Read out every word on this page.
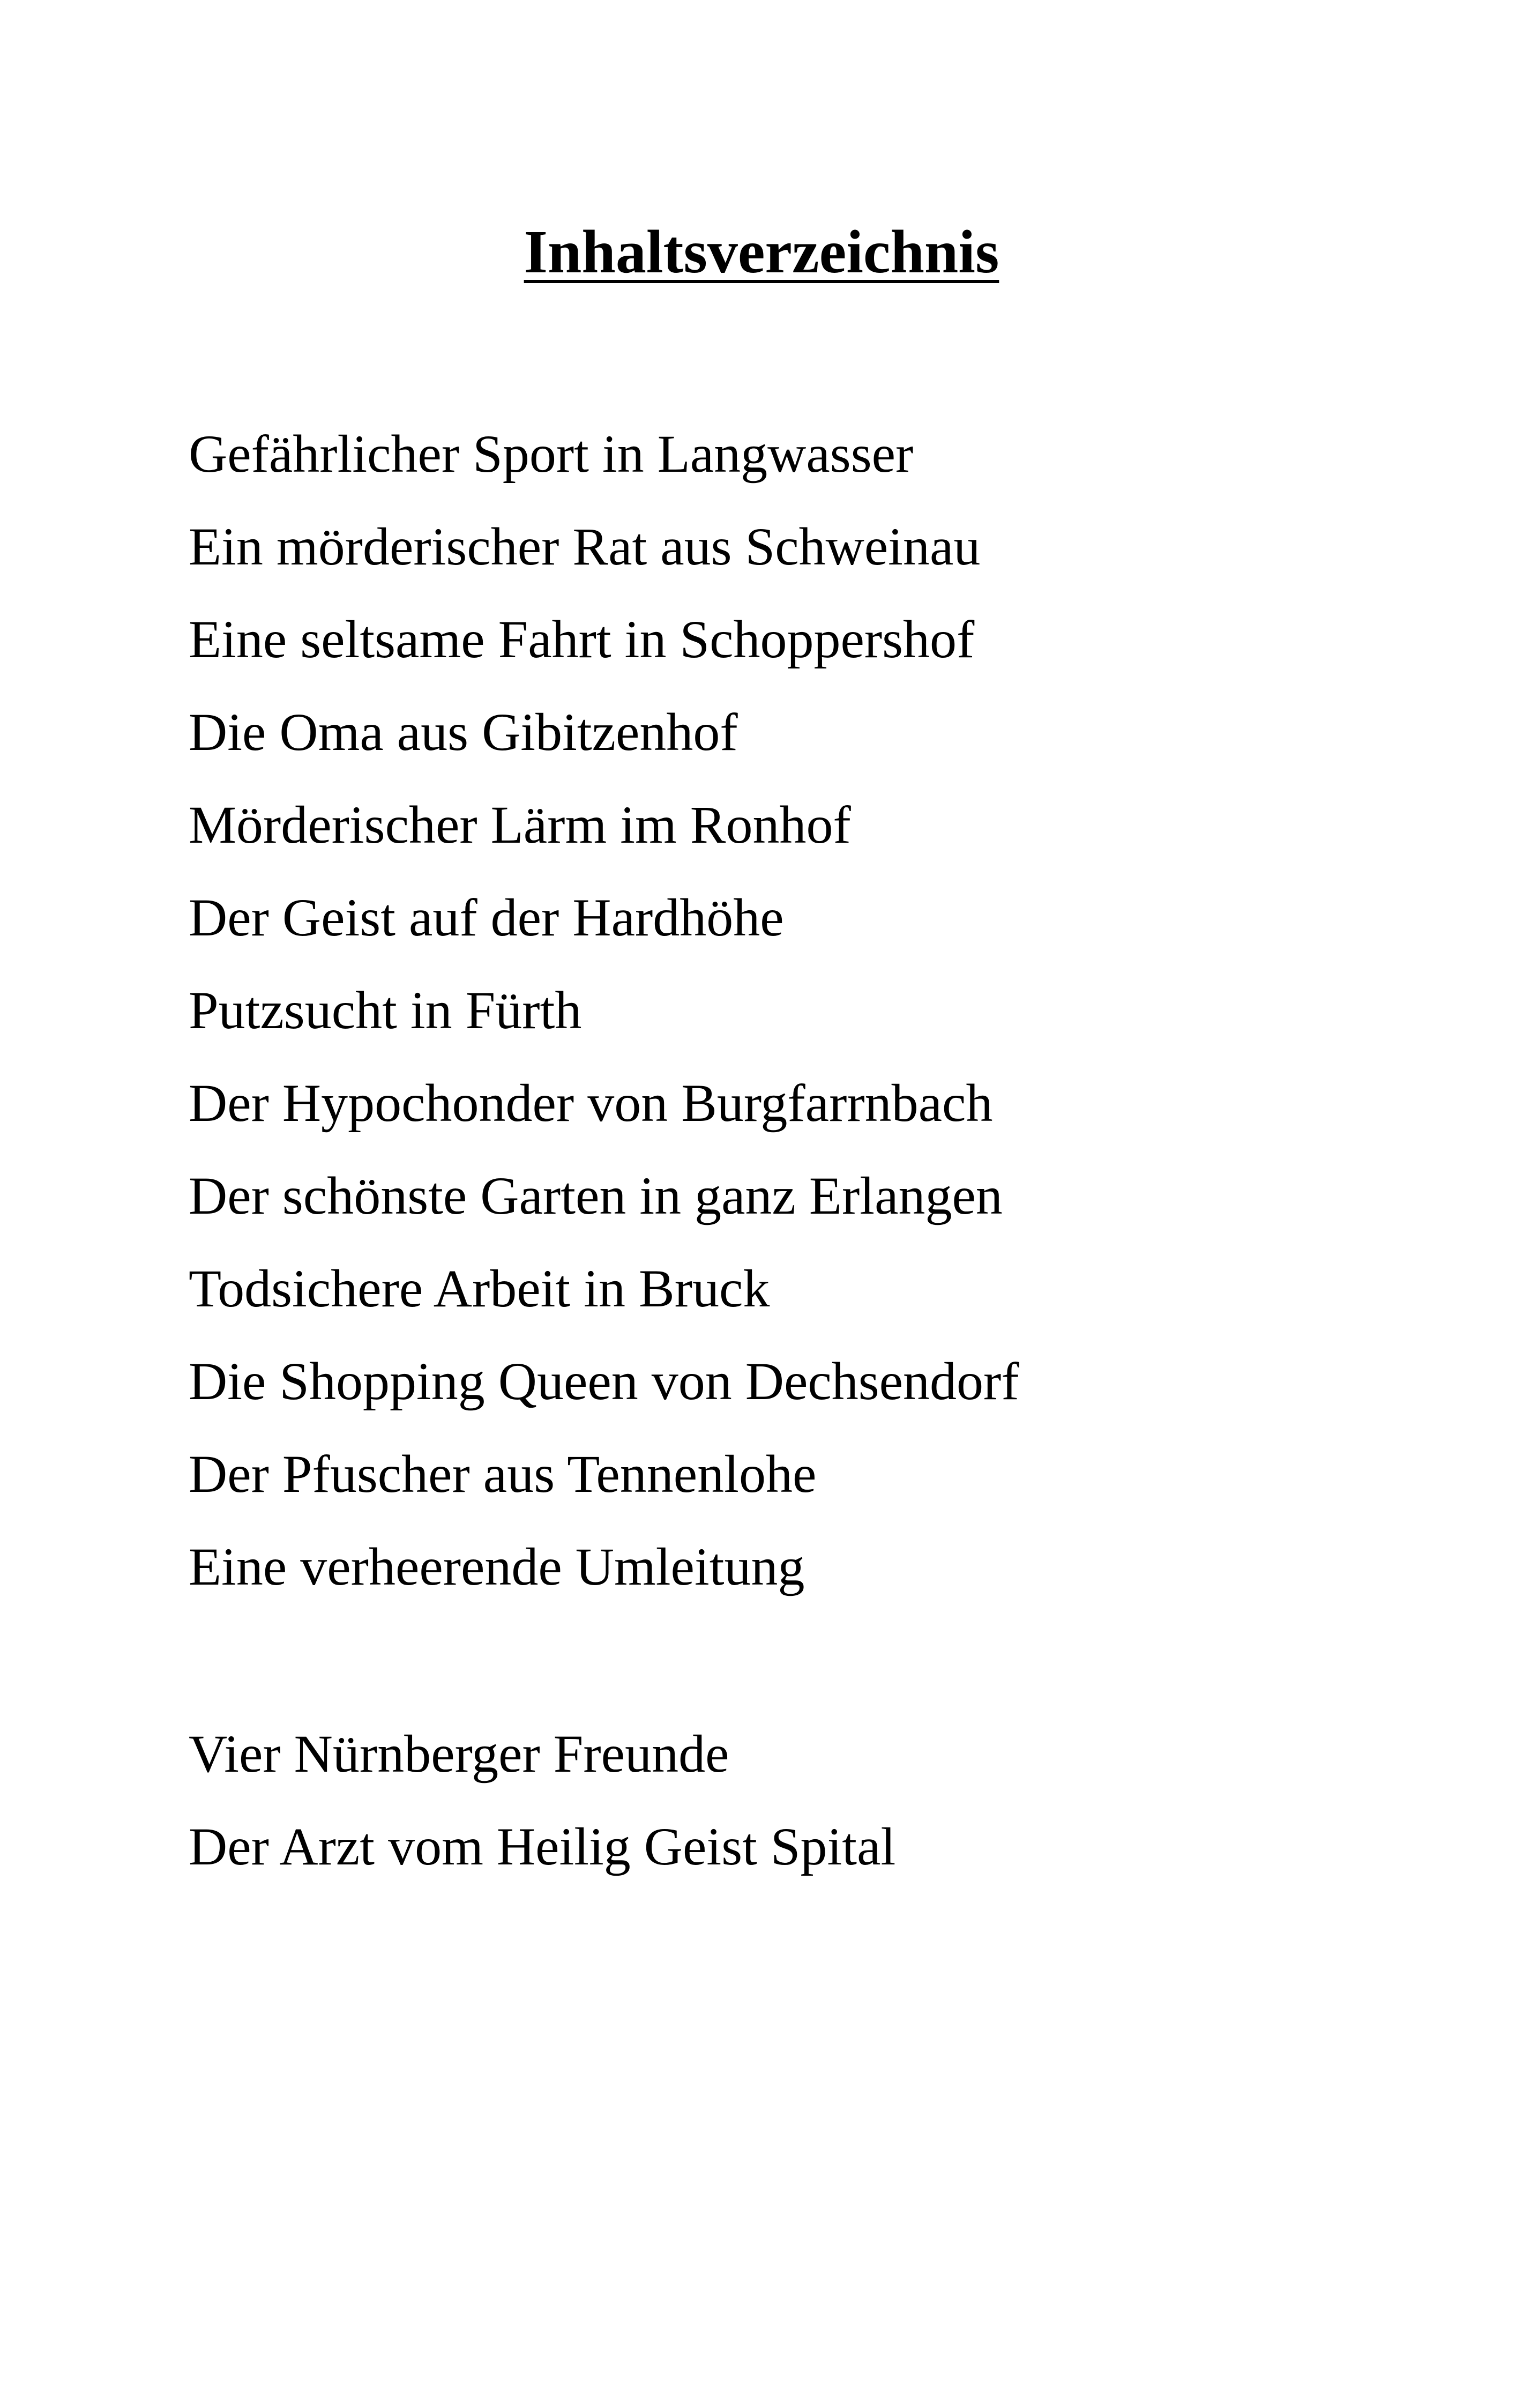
Inhaltsverzeichnis
Gefährlicher Sport in Langwasser
Ein mörderischer Rat aus Schweinau
Eine seltsame Fahrt in Schoppershof
Die Oma aus Gibitzenhof
Mörderischer Lärm im Ronhof
Der Geist auf der Hardhöhe
Putzsucht in Fürth
Der Hypochonder von Burgfarrnbach
Der schönste Garten in ganz Erlangen
Todsichere Arbeit in Bruck
Die Shopping Queen von Dechsendorf
Der Pfuscher aus Tennenlohe
Eine verheerende Umleitung
Vier Nürnberger Freunde
Der Arzt vom Heilig Geist Spital
